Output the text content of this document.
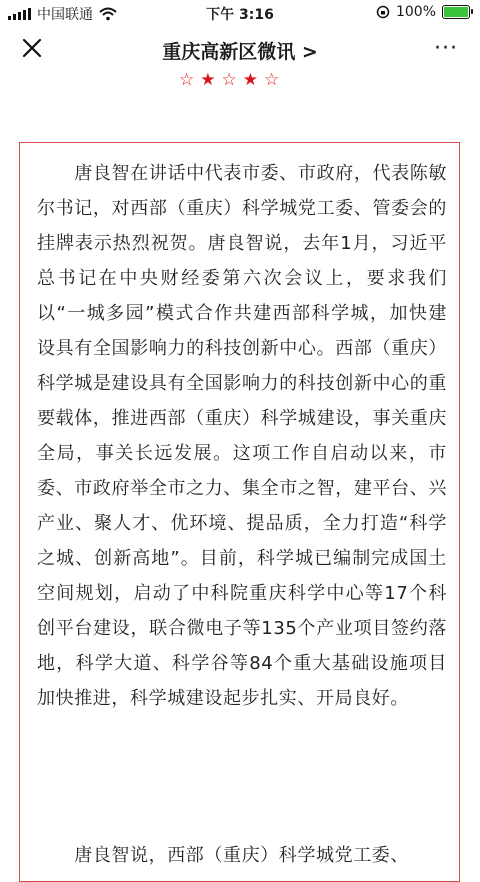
中国联通	下午 3:16	100%
重庆高新区微讯 >	···
☆ ★ ☆ ★ ☆

　　唐良智在讲话中代表市委、市政府，代表陈敏尔书记，对西部（重庆）科学城党工委、管委会的挂牌表示热烈祝贺。唐良智说，去年1月，习近平总书记在中央财经委第六次会议上，要求我们以“一城多园”模式合作共建西部科学城，加快建设具有全国影响力的科技创新中心。西部（重庆）科学城是建设具有全国影响力的科技创新中心的重要载体，推进西部（重庆）科学城建设，事关重庆全局，事关长远发展。这项工作自启动以来，市委、市政府举全市之力、集全市之智，建平台、兴产业、聚人才、优环境、提品质，全力打造“科学之城、创新高地”。目前，科学城已编制完成国土空间规划，启动了中科院重庆科学中心等17个科创平台建设，联合微电子等135个产业项目签约落地，科学大道、科学谷等84个重大基础设施项目加快推进，科学城建设起步扎实、开局良好。

　　唐良智说，西部（重庆）科学城党工委、
